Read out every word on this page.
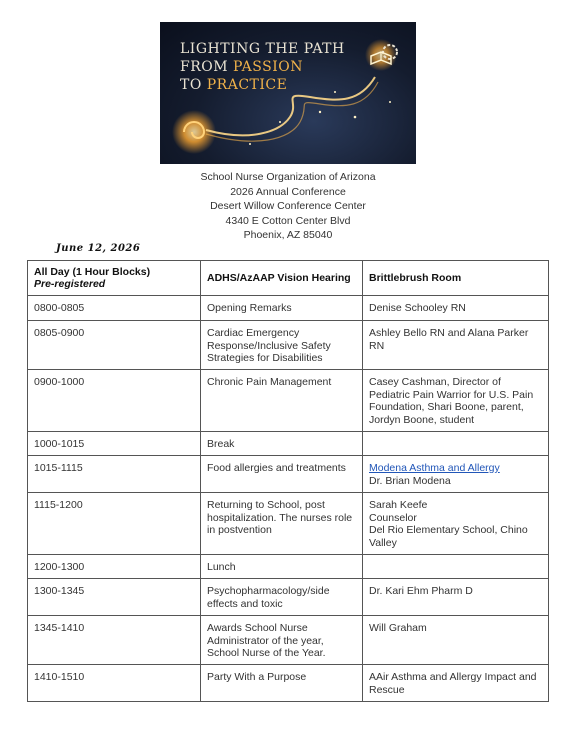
LIGHTING THE PATH
FROM PASSION
TO PRACTICE
School Nurse Organization of Arizona
2026 Annual Conference
Desert Willow Conference Center
4340 E Cotton Center Blvd
Phoenix, AZ 85040
June 12, 2026
All Day (1 Hour Blocks)
Pre-registered	ADHS/AzAAP Vision Hearing	Brittlebrush Room
0800-0805	Opening Remarks	Denise Schooley RN
0805-0900	Cardiac Emergency Response/Inclusive Safety Strategies for Disabilities	Ashley Bello RN and Alana Parker RN
0900-1000	Chronic Pain Management	Casey Cashman, Director of Pediatric Pain Warrior for U.S. Pain Foundation, Shari Boone, parent, Jordyn Boone, student
1000-1015	Break	
1015-1115	Food allergies and treatments	Modena Asthma and Allergy
Dr. Brian Modena
1115-1200	Returning to School, post hospitalization. The nurses role in postvention	Sarah Keefe
Counselor
Del Rio Elementary School, Chino Valley
1200-1300	Lunch	
1300-1345	Psychopharmacology/side effects and toxic	Dr. Kari Ehm Pharm D
1345-1410	Awards School Nurse Administrator of the year, School Nurse of the Year.	Will Graham
1410-1510	Party With a Purpose	AAir Asthma and Allergy Impact and Rescue
